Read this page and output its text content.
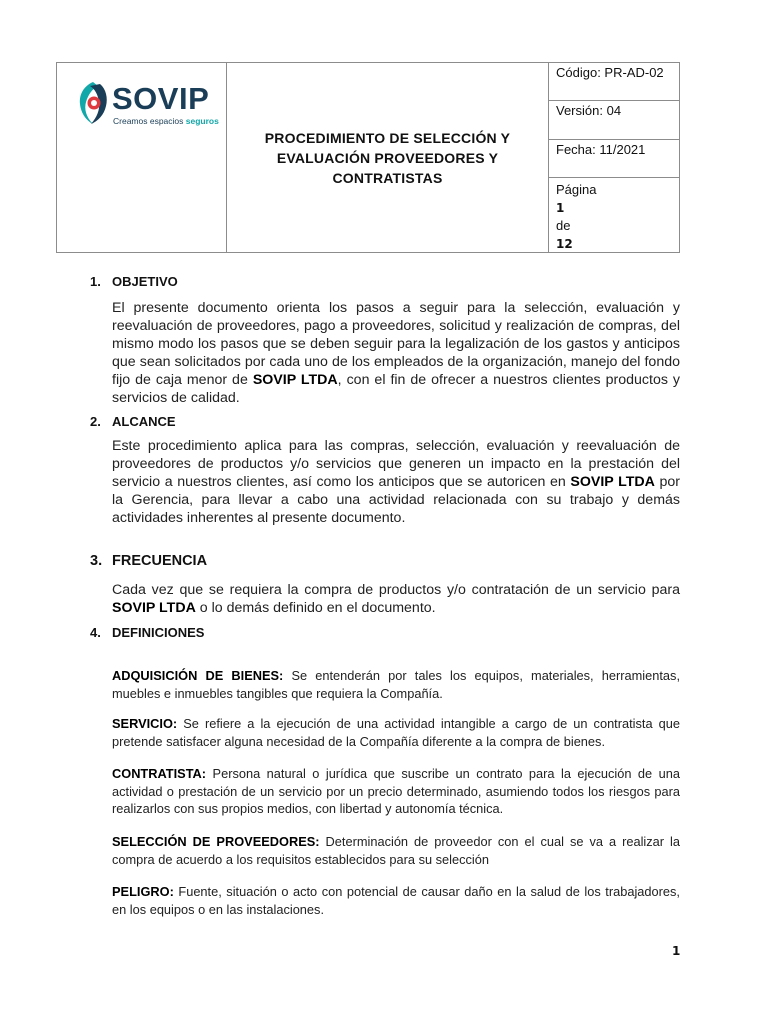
SOVIP
Creamos espacios seguros
PROCEDIMIENTO DE SELECCIÓN Y EVALUACIÓN PROVEEDORES Y CONTRATISTAS
Código: PR-AD-02
Versión: 04
Fecha: 11/2021
Página
1
de
12
1. OBJETIVO
El presente documento orienta los pasos a seguir para la selección, evaluación y reevaluación de proveedores, pago a proveedores, solicitud y realización de compras, del mismo modo los pasos que se deben seguir para la legalización de los gastos y anticipos que sean solicitados por cada uno de los empleados de la organización, manejo del fondo fijo de caja menor de SOVIP LTDA, con el fin de ofrecer a nuestros clientes productos y servicios de calidad.
2. ALCANCE
Este procedimiento aplica para las compras, selección, evaluación y reevaluación de proveedores de productos y/o servicios que generen un impacto en la prestación del servicio a nuestros clientes, así como los anticipos que se autoricen en SOVIP LTDA por la Gerencia, para llevar a cabo una actividad relacionada con su trabajo y demás actividades inherentes al presente documento.
3. FRECUENCIA
Cada vez que se requiera la compra de productos y/o contratación de un servicio para SOVIP LTDA o lo demás definido en el documento.
4. DEFINICIONES
ADQUISICIÓN DE BIENES: Se entenderán por tales los equipos, materiales, herramientas, muebles e inmuebles tangibles que requiera la Compañía.
SERVICIO: Se refiere a la ejecución de una actividad intangible a cargo de un contratista que pretende satisfacer alguna necesidad de la Compañía diferente a la compra de bienes.
CONTRATISTA: Persona natural o jurídica que suscribe un contrato para la ejecución de una actividad o prestación de un servicio por un precio determinado, asumiendo todos los riesgos para realizarlos con sus propios medios, con libertad y autonomía técnica.
SELECCIÓN DE PROVEEDORES: Determinación de proveedor con el cual se va a realizar la compra de acuerdo a los requisitos establecidos para su selección
PELIGRO: Fuente, situación o acto con potencial de causar daño en la salud de los trabajadores, en los equipos o en las instalaciones.
1
